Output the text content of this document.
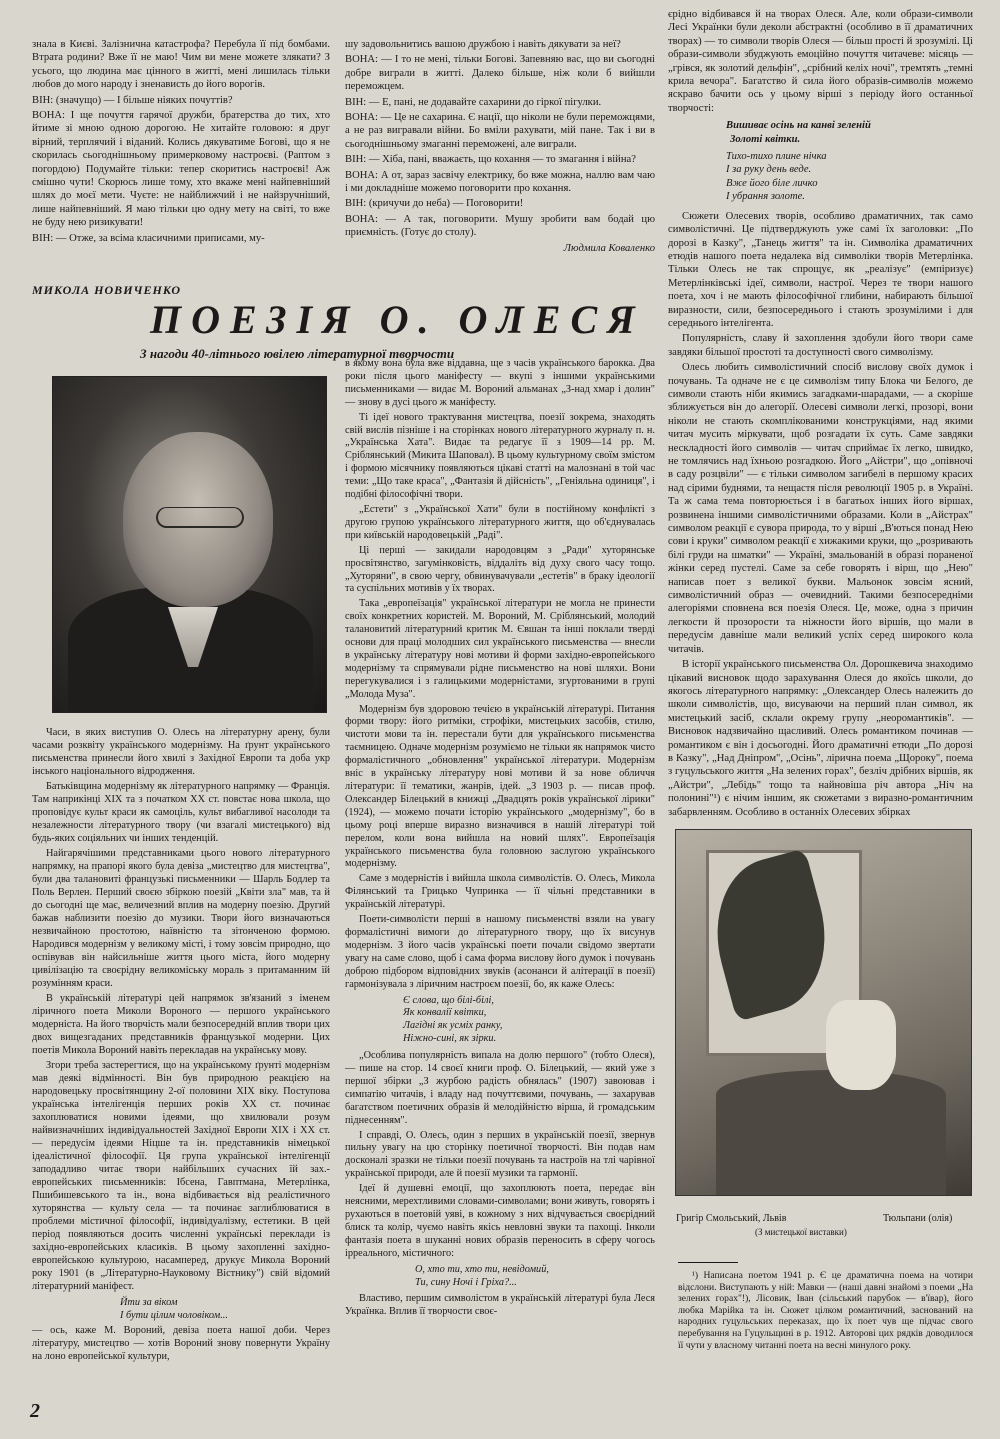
знала в Києві. Залізнична катастрофа? Перебула її під бомбами. Втрата родини? Вже її не маю! Чим ви мене можете злякати? З усього, що людина має цінного в житті, мені лишилась тільки любов до мого народу і зненависть до його ворогів.

ВІН: (значущо) — І більше ніяких почуттів?

ВОНА: І ще почуття гарячої дружби, братерства до тих, хто йтиме зі мною одною дорогою. Не хитайте головою: я друг вірний, терплячий і віданий. Колись дякуватиме Богові, що я не скорилась сьогоднішньому примерковому настроєві. (Раптом з погордою) Подумайте тільки: тепер скоритись настроєві! Аж смішно чути! Скорюсь лише тому, хто вкаже мені найпевніший шлях до моєї мети. Чуєте: не найближчий і не найзручніший, лише найпевніший. Я маю тільки цю одну мету на світі, то вже не буду нею ризикувати!

ВІН: — Отже, за всіма класичними приписами, му-

шу задовольнитись вашою дружбою і навіть дякувати за неї?

ВОНА: — І то не мені, тільки Богові. Запевняю вас, що ви сьогодні добре виграли в житті. Далеко більше, ніж коли б вийшли переможцем.

ВІН: — Е, пані, не додавайте сахарини до гіркої пігулки.

ВОНА: — Це не сахарина. Є нації, що ніколи не були переможцями, а не раз вигравали війни. Бо вміли рахувати, мій пане. Так і ви в сьогоднішньому змаганні переможені, але виграли.

ВІН: — Хіба, пані, вважаєть, що кохання — то змагання і війна?

ВОНА: А от, зараз засвічу електрику, бо вже можна, наллю вам чаю і ми докладніше можемо поговорити про кохання.

ВІН: (кричучи до неба) — Поговорити!

ВОНА: — А так, поговорити. Мушу зробити вам бодай цю приємність. (Готує до столу).

Людмила Коваленко

єрідно відбивався й на творах Олеся. Але, коли образи-символи Лесі Українки були деколи абстрактні (особливо в її драматичних творах) — то символи творів Олеся — більш прості й зрозумілі. Ці образи-символи збуджують емоційно почуття читачеве: місяць — „грівся, як золотий дельфін", „срібний келіх ночі", тремтять „темні крила вечора". Багатство й сила його образів-символів можемо яскраво бачити ось у цьому вірші з періоду його останньої творчості:

Вишиває осінь на канві зеленій
Золоті квітки.
Тихо-тихо плине нічка
І за руку день веде.
Вже його біле личко
І убрання золоте.

Сюжети Олесевих творів, особливо драматичних, так само символістичні. Це підтверджують уже самі їх заголовки: „По дорозі в Казку", „Танець життя" та ін. Символіка драматичних етюдів нашого поета недалека від символіки творів Метерлінка. Тільки Олесь не так спрощує, як „реалізує" (емпіризує) Метерлінківські ідеї, символи, настрої. Через те твори нашого поета, хоч і не мають філософічної глибини, набирають більшої виразности, сили, безпосереднього і стають зрозумілими і для середнього інтелігента.

Популярність, славу й захоплення здобули його твори саме завдяки більшої простоті та доступності свого символізму.

Олесь любить символістичний спосіб вислову своїх думок і почувань. Та одначе не є це символізм типу Блока чи Белого, де символи стають ніби якимись загадками-шарадами, — а скоріше зближується він до алегорії. Олесеві символи легкі, прозорі, вони ніколи не стають скомплікованими конструкціями, над якими читач мусить міркувати, щоб розгадати їх суть. Саме завдяки нескладності його символів — читач сприймає їх легко, швидко, не томлячись над їхньою розгадкою. Його „Айстри", що „опівночі в саду розцвіли" — є тільки символом загибелі в першому красих над сірими буднями, та нещастя після революції 1905 р. в Україні. Та ж сама тема повторюється і в багатьох інших його віршах, розвинена іншими символістичними образами. Коли в „Айстрах" символом реакції є сувора природа, то у вірші „В'ються понад Нею сови і круки" символом реакції є хижакими круки, що „розривають білі груди на шматки" — Україні, змальованій в образі пораненої жінки серед пустелі. Саме за себе говорять і вірш, що „Нею" написав поет з великої букви. Мальонок зовсім ясний, символістичний образ — очевидний. Такими безпосередніми алегоріями сповнена вся поезія Олеся. Це, може, одна з причин легкости й прозорости та ніжности його віршів, що мали в передусім давніше мали великий успіх серед широкого кола читачів.

В історії українського письменства Ол. Дорошкевича знаходимо цікавий висновок щодо зарахування Олеся до якоїсь школи, до якогось літературного напрямку: „Олександер Олесь належить до школи символістів, що, висуваючи на перший план символ, як мистецький засіб, склали окрему групу „неоромантиків". — Висновок надзвичайно щасливий. Олесь романтиком починав — романтиком є він і досьогодні. Його драматичні етюди „По дорозі в Казку", „Над Дніпром", „Осінь", лірична поема „Щороку", поема з гуцульського життя „На зелених горах", безліч дрібних віршів, як „Айстри", „Лебідь" тощо та найновіша річ автора „Ніч на полонині"¹) є нічим іншим, як сюжетами з виразно-романтичним забарвленням. Особливо в останніх Олесевих збірках

МИКОЛА НОВИЧЕНКО
ПОЕЗІЯ О. ОЛЕСЯ
З нагоди 40-літнього ювілею літературної творчости

Часи, в яких виступив О. Олесь на літературну арену, були часами розквіту українського модернізму. На ґрунт українського письменства принесли його хвилі з Західної Европи та доба укр інського національного відродження.

Батьківщина модернізму як літературного напрямку — Франція. Там наприкінці XIX та з початком XX ст. повстає нова школа, що проповідує культ краси як самоціль, культ вибагливої насолоди та незалежности літературного твору (чи взагалі мистецького) від будь-яких соціяльних чи інших тенденцій.

Найгарячішими представниками цього нового літературного напрямку, на прапорі якого була девіза „мистецтво для мистецтва", були два талановиті французькі письменники — Шарль Бодлер та Поль Верлен. Перший своєю збіркою поезій „Квіти зла" мав, та й до сьогодні ще має, величезний вплив на модерну поезію. Другий бажав наблизити поезію до музики. Твори його визначаються незвичайною простотою, наївністю та зітонченою формою. Народився модернізм у великому місті, і тому зовсім природно, що оспівував він найсильніше життя цього міста, його модерну цивілізацію та своєрідну великоміську мораль з притаманним їй розумінням краси.

В українській літературі цей напрямок зв'язаний з іменем ліричного поета Миколи Вороного — першого українського модерніста. На його творчість мали безпосередній вплив твори цих двох вищезгаданих представників французької модерни. Цих поетів Микола Вороний навіть перекладав на українську мову.

Згори треба застерегтися, що на українському ґрунті модернізм мав деякі відмінності. Він був природною реакцією на народовецьку просвітянщину 2-ої половини XIX віку. Поступова українська інтелігенція перших років XX ст. починає захоплюватися новими ідеями, що хвилювали розум найвизначніших індивідуальностей Західної Европи XIX і XX ст. — передусім ідеями Ніцше та ін. представників німецької ідеалістичної філософії. Ця група української інтелігенції заподадливо читає твори найбільших сучасних їй зах.-европейських письменників: Ібсена, Гавптмана, Метерлінка, Пшибишевського та ін., вона відбивається від реалістичного хуторянства — культу села — та починає заглиблюватися в проблеми містичної філософії, індивідуалізму, естетики. В цей період появляються досить численні українські переклади із західно-европейських класиків. В цьому захопленні західно-европейською культурою, насамперед, друкує Микола Вороний року 1901 (в „Літературно-Науковому Вістнику") свій відомий літературний маніфест.

Йти за віком
І бути цілим чоловіком...

— ось, каже М. Вороний, девіза поета нашої доби. Через літературу, мистецтво — хотів Вороний знову повернути Україну на лоно европейської культури,

в якому вона була вже віддавна, ще з часів українського барокка. Два роки після цього маніфесту — вкупі з іншими українськими письменниками — видає М. Вороний альманах „З-над хмар і долин" — знову в дусі цього ж маніфесту.

Ті ідеї нового трактування мистецтва, поезії зокрема, знаходять свій вислів пізніше і на сторінках нового літературного журналу п. н. „Українська Хата". Видає та редагує її з 1909—14 рр. М. Сріблянський (Микита Шаповал). В цьому культурному своїм змістом і формою місячнику появляються цікаві статті на малознані в той час теми: „Що таке краса", „Фантазія й дійсність", „Геніяльна одиниця", і подібні філософічні твори.

„Естети" з „Української Хати" були в постійному конфлікті з другою групою українського літературного життя, що об'єднувалась при київській народовецькій „Раді".

Ці перші — закидали народовцям з „Ради" хуторянське просвітянство, загумінковість, віддаліть від духу свого часу тощо. „Хуторяни", в свою чергу, обвинувачували „естетів" в браку ідеології та суспільних мотивів у їх творах.

Така „европеїзація" української літератури не могла не принести своїх конкретних користей. М. Вороний, М. Сріблянський, молодий талановитий літературний критик М. Євшан та інші поклали тверді основи для праці молодших сил українського письменства — внесли в українську літературу нові мотиви й форми західно-европейського модернізму та спрямували рідне письменство на нові шляхи. Вони перегукувалися і з галицькими модерністами, згуртованими в групі „Молода Муза".

Модернізм був здоровою течією в українській літературі. Питання форми твору: його ритміки, строфіки, мистецьких засобів, стилю, чистоти мови та ін. перестали бути для українського письменства таємницею. Одначе модернізм розуміємо не тільки як напрямок чисто формалістичного „обновлення" української літератури. Модернізм вніс в українську літературу нові мотиви й за нове обличчя літератури: її тематики, жанрів, ідей. „З 1903 р. — писав проф. Олександер Білецький в книжці „Двадцять років української лірики" (1924), — можемо почати історію українського „модернізму", бо в цьому році вперше виразно визначився в нашій літературі той перелом, коли вона вийшла на новий шлях". Европеїзація українського письменства була головною заслугою українського модернізму.

Саме з модерністів і вийшла школа символістів. О. Олесь, Микола Філянський та Грицько Чупринка — її чільні представники в українській літературі.

Поети-символісти перші в нашому письменстві взяли на увагу формалістичні вимоги до літературного твору, що їх висунув модернізм. З його часів українські поети почали свідомо звертати увагу на саме слово, щоб і сама форма вислову його думок і почувань доброю підбором відповідних звуків (асонанси й алітерації в поезії) гармонізувала з ліричним настроєм поезії, бо, як каже Олесь:

Є слова, що білі-білі,
Як конвалії квітки,
Лагідні як усміх ранку,
Ніжно-сині, як зірки.

„Особлива популярність випала на долю першого" (тобто Олеся), — пише на стор. 14 своєї книги проф. О. Білецький, — який уже з першої збірки „З журбою радість обнялась" (1907) завоював і симпатію читачів, і владу над почуттєвими, почувань, — захарував багатством поетичних образів й мелодійністю вірша, й громадським піднесенням".

І справді, О. Олесь, один з перших в українській поезії, звернув пильну увагу на цю сторінку поетичної творчості. Він подав нам досконалі зразки не тільки поезії почувань та настроїв на тлі чарівної української природи, але й поезії музики та гармонії.

Ідеї й душевні емоції, що захоплюють поета, передає він неясними, мерехтливими словами-символами; вони живуть, говорять і рухаються в поетовій уяві, в кожному з них відчувається своєрідний блиск та колір, чуємо навіть якісь невловні звуки та пахощі. Інколи фантазія поета в шуканні нових образів переносить в сферу чогось ірреального, містичного:

О, хто ти, хто ти, невідомий,
Ти, сину Ночі і Гріха?...

Властиво, першим символістом в українській літературі була Леся Українка. Вплив її творчости своє-

Григір Смольський, Львів	Тюльпани (олія)
(З мистецької виставки)

¹) Написана поетом 1941 р. Є це драматична поема на чотири відслони. Виступають у ній: Мавки — (наші давні знайомі з поеми „На зелених горах"!), Лісовик, Іван (сільський парубок — в'ївар), його любка Марійка та ін. Сюжет цілком романтичний, заснований на народних гуцульських переказах, що їх поет чув ще підчас свого перебування на Гуцульщині в р. 1912. Авторові цих рядків доводилося її чути у власному читанні поета на весні минулого року.

2
